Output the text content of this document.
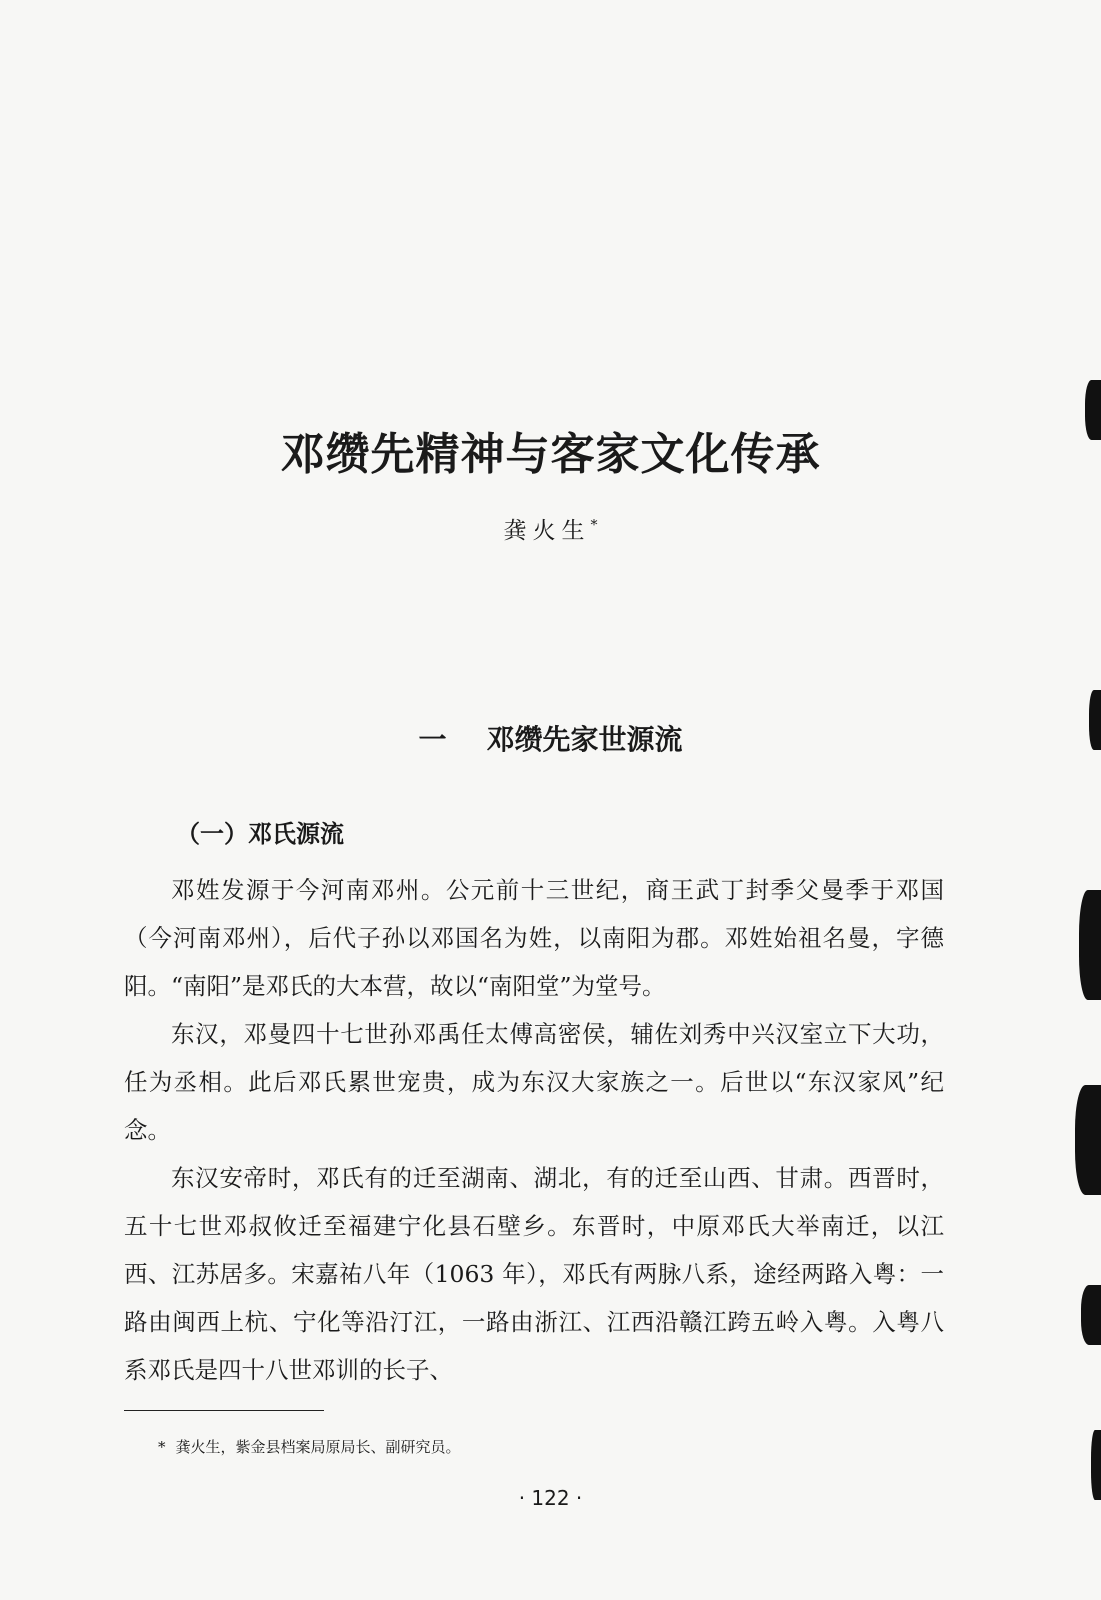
邓缵先精神与客家文化传承
龚火生*
一 邓缵先家世源流
（一）邓氏源流

邓姓发源于今河南邓州。公元前十三世纪，商王武丁封季父曼季于邓国（今河南邓州），后代子孙以邓国名为姓，以南阳为郡。邓姓始祖名曼，字德阳。“南阳”是邓氏的大本营，故以“南阳堂”为堂号。

东汉，邓曼四十七世孙邓禹任太傅高密侯，辅佐刘秀中兴汉室立下大功，任为丞相。此后邓氏累世宠贵，成为东汉大家族之一。后世以“东汉家风”纪念。

东汉安帝时，邓氏有的迁至湖南、湖北，有的迁至山西、甘肃。西晋时，五十七世邓叔攸迁至福建宁化县石壁乡。东晋时，中原邓氏大举南迁，以江西、江苏居多。宋嘉祐八年（1063 年），邓氏有两脉八系，途经两路入粤：一路由闽西上杭、宁化等沿汀江，一路由浙江、江西沿赣江跨五岭入粤。入粤八系邓氏是四十八世邓训的长子、

* 龚火生，紫金县档案局原局长、副研究员。
· 122 ·
